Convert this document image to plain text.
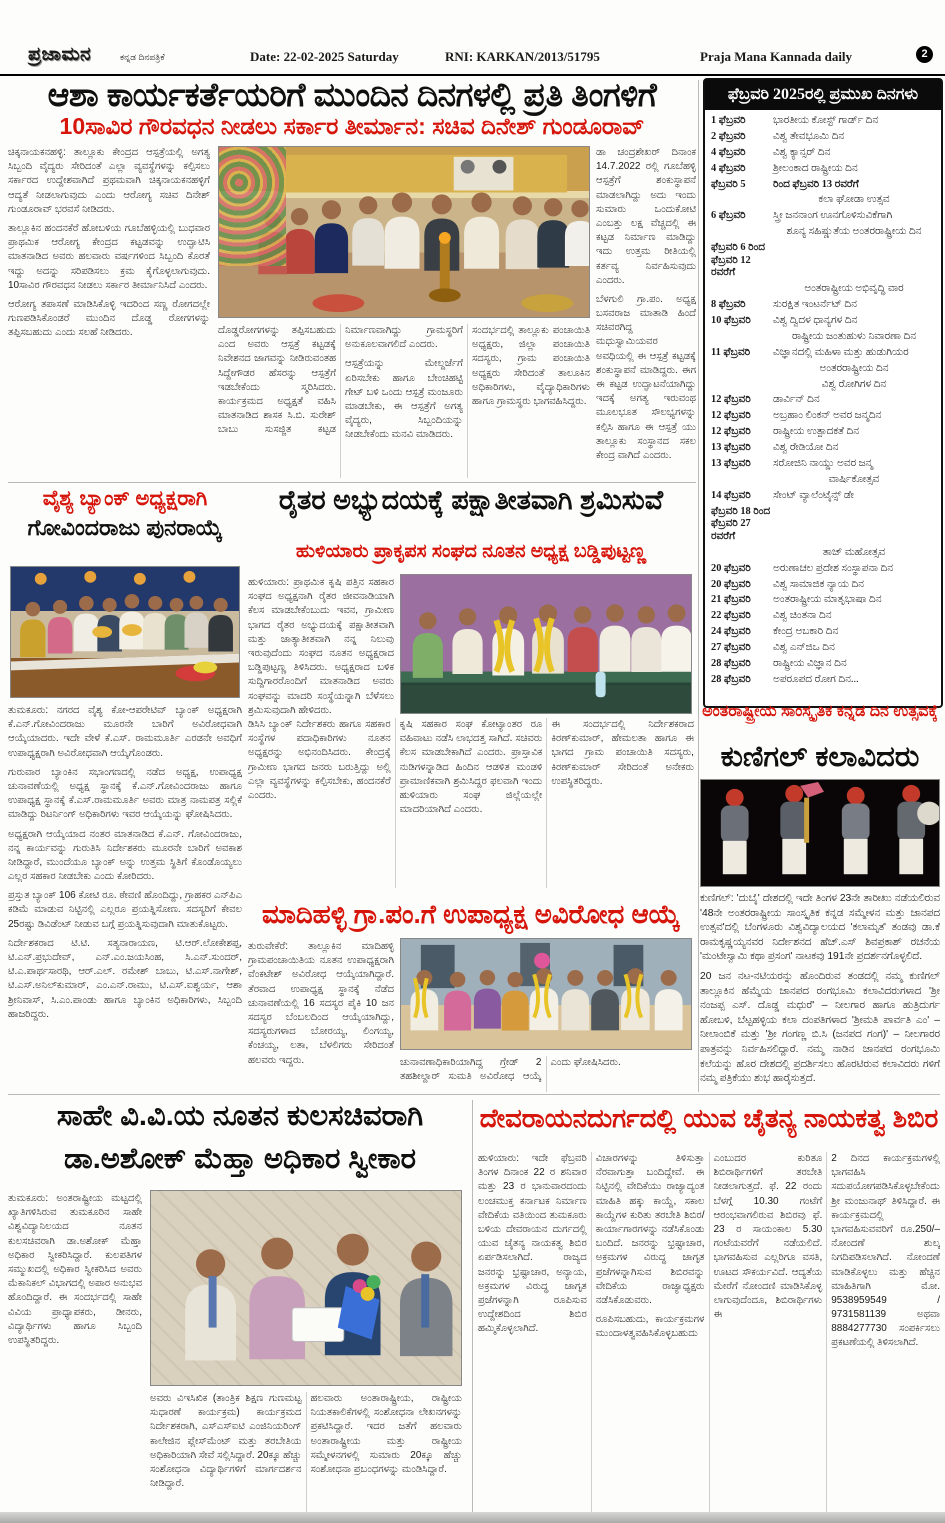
ಪ್ರಜಾಮನ	ಕನ್ನಡ ದಿನಪತ್ರಿಕೆ	Date: 22-02-2025 Saturday	RNI: KARKAN/2013/51795	Praja Mana Kannada daily	2
ಆಶಾ ಕಾರ್ಯಕರ್ತೆಯರಿಗೆ ಮುಂದಿನ ದಿನಗಳಲ್ಲಿ ಪ್ರತಿ ತಿಂಗಳಿಗೆ
10ಸಾವಿರ ಗೌರವಧನ ನೀಡಲು ಸರ್ಕಾರ ತೀರ್ಮಾನ: ಸಚಿವ ದಿನೇಶ್ ಗುಂಡೂರಾವ್

ಚಿಕ್ಕನಾಯಕನಹಳ್ಳಿ: ತಾಲ್ಲೂಕು ಕೇಂದ್ರದ ಆಸ್ಪತ್ರೆಯಲ್ಲಿ ಅಗತ್ಯ ಸಿಬ್ಬಂದಿ ವೈದ್ಯರು ಸೇರಿದಂತೆ ಎಲ್ಲಾ ವ್ಯವಸ್ಥೆಗಳನ್ನು ಕಲ್ಪಿಸಲು ಸರ್ಕಾರದ ಉದ್ದೇಶವಾಗಿದೆ ಪ್ರಥಮವಾಗಿ ಚಿಕ್ಕನಾಯಕನಹಳ್ಳಿಗೆ ಆದ್ಯತೆ ನೀಡಲಾಗುವುದು ಎಂದು ಆರೋಗ್ಯ ಸಚಿವ ದಿನೇಶ್ ಗುಂಡೂರಾವ್ ಭರವಸೆ ನೀಡಿದರು.

ತಾಲ್ಲೂಕಿನ ಹಂದನಕೆರೆ ಹೋಬಳಿಯ ಗೂಬೆಹಳ್ಳಿಯಲ್ಲಿ ಬುಧವಾರ ಪ್ರಾಥಮಿಕ ಆರೋಗ್ಯ ಕೇಂದ್ರದ ಕಟ್ಟಡವನ್ನು ಉದ್ಘಾಟಿಸಿ ಮಾತನಾಡಿದ ಅವರು ಹಲವಾರು ವರ್ಷಗಳಿಂದ ಸಿಬ್ಬಂದಿ ಕೊರತೆ ಇದ್ದು ಅದನ್ನು ಸರಿಪಡಿಸಲು ಕ್ರಮ ಕೈಗೊಳ್ಳಲಾಗುವುದು. 10ಸಾವಿರ ಗೌರವಧನ ನೀಡಲು ಸರ್ಕಾರ ತೀರ್ಮಾನಿಸಿದೆ ಎಂದರು.

ಆರೋಗ್ಯ ತಪಾಸಣೆ ಮಾಡಿಸಿಕೊಳ್ಳಿ ಇದರಿಂದ ಸಣ್ಣ ರೋಗದಲ್ಲೇ ಗುಣಪಡಿಸಿಕೊಂಡರೆ ಮುಂದಿನ ದೊಡ್ಡ ರೋಗಗಳನ್ನು ತಪ್ಪಿಸಬಹುದು ಎಂದು ಸಲಹೆ ನೀಡಿದರು.

ಡಾ ಚಂದ್ರಶೇಖರ್ ದಿನಾಂಕ 14.7.2022 ರಲ್ಲಿ ಗೂಬೆಹಳ್ಳಿ ಆಸ್ಪತ್ರೆಗೆ ಶಂಕುಸ್ಥಾಪನೆ ಮಾಡಲಾಗಿದ್ದು ಅದು ಇಂದು ಸುಮಾರು ಒಂದುಕೋಟಿ ಎಂಬತ್ತು ಲಕ್ಷ ವೆಚ್ಚದಲ್ಲಿ ಈ ಕಟ್ಟಡ ನಿರ್ಮಾಣ ಮಾಡಿದ್ದು ಇದು ಉತ್ತಮ ರೀತಿಯಲ್ಲಿ ಕರ್ತವ್ಯ ನಿರ್ವಹಿಸುವುದು ಎಂದರು.

ಬೆಳಗುಲಿ ಗ್ರಾ.ಪಂ. ಅಧ್ಯಕ್ಷ ಬಸವರಾಜ ಮಾತಾಡಿ ಹಿಂದೆ ಸಚಿವರಗಿದ್ದ ಮಧುಸ್ವಾಮಿಯವರ ಅವಧಿಯಲ್ಲಿ ಈ ಆಸ್ಪತ್ರೆ ಕಟ್ಟಡಕ್ಕೆ ಶಂಕುಸ್ಥಾಪನೆ ಮಾಡಿದ್ದರು. ಈಗ ಈ ಕಟ್ಟಡ ಉದ್ಘಾಟನೆಯಾಗಿದ್ದು ಇದಕ್ಕೆ ಅಗತ್ಯ ಇರುವಂಥ ಮೂಲಭೂತ ಸೌಲಭ್ಯಗಳನ್ನು ಕಲ್ಪಿಸಿ ಹಾಗೂ ಈ ಆಸ್ಪತ್ರೆ ಯು ತಾಲ್ಲೂಕು ಸಂಸ್ಥಾನದ ಸಕಲ ಕೇಂದ್ರ ವಾಗಿದೆ ಎಂದರು.

ದೊಡ್ಡರೋಗಗಳನ್ನು ತಪ್ಪಿಸಬಹುದು ಎಂದ ಅವರು ಆಸ್ಪತ್ರೆ ಕಟ್ಟಡಕ್ಕೆ ನಿವೇಶನದ ಜಾಗವನ್ನು ನೀಡಿರುವಂತಹ ಸಿದ್ದೇಗೌಡರ ಹೆಸರನ್ನು ಆಸ್ಪತ್ರೆಗೆ ಇಡಬೇಕೆಂದು ಸ್ಮರಿಸಿದರು. ಕಾರ್ಯಕ್ರಮದ ಅಧ್ಯಕ್ಷತೆ ವಹಿಸಿ ಮಾತನಾಡಿದ ಶಾಸಕ ಸಿ.ಬಿ. ಸುರೇಶ್ ಬಾಬು ಸುಸಜ್ಜಿತ ಕಟ್ಟಡ ನಿರ್ಮಾಣವಾಗಿದ್ದು ಗ್ರಾಮಸ್ಥರಿಗೆ ಅನುಕೂಲವಾಗಲಿದೆ ಎಂದರು.

ಆಸ್ಪತ್ರೆಯನ್ನು ಮೇಲ್ದರ್ಜೆಗೆ ಏರಿಸಬೇಕು ಹಾಗೂ ಬೇಂಚಿಹಟ್ಟಿ ಗೇಟ್ ಬಳಿ ಒಂದು ಆಸ್ಪತ್ರೆ ಮಂಜೂರು ಮಾಡಬೇಕು, ಈ ಆಸ್ಪತ್ರೆಗೆ ಅಗತ್ಯ ವೈದ್ಯರು, ಸಿಬ್ಬಂದಿಯನ್ನು ನೀಡಬೇಕೆಂದು ಮನವಿ ಮಾಡಿದರು.

ಸಂದರ್ಭದಲ್ಲಿ ತಾಲ್ಲೂಕು ಪಂಚಾಯಿತಿ ಅಧ್ಯಕ್ಷರು, ಜಿಲ್ಲಾ ಪಂಚಾಯಿತಿ ಸದಸ್ಯರು, ಗ್ರಾಮ ಪಂಚಾಯಿತಿ ಅಧ್ಯಕ್ಷರು ಸೇರಿದಂತೆ ತಾಲೂಕಿನ ಅಧಿಕಾರಿಗಳು, ವೈದ್ಯಾಧಿಕಾರಿಗಳು ಹಾಗೂ ಗ್ರಾಮಸ್ಥರು ಭಾಗವಹಿಸಿದ್ದರು.

ಫೆಬ್ರವರಿ 2025ರಲ್ಲಿ ಪ್ರಮುಖ ದಿನಗಳು
1 ಫೆಬ್ರವರಿ	ಭಾರತೀಯ ಕೋಸ್ಟ್ ಗಾರ್ಡ್ ದಿನ
2 ಫೆಬ್ರವರಿ	ವಿಶ್ವ ತೇವಭೂಮಿ ದಿನ
4 ಫೆಬ್ರವರಿ	ವಿಶ್ವ ಕ್ಯಾನ್ಸರ್ ದಿನ
4 ಫೆಬ್ರವರಿ	ಶ್ರೀಲಂಕಾದ ರಾಷ್ಟ್ರೀಯ ದಿನ
ಫೆಬ್ರವರಿ 5	ರಿಂದ ಫೆಬ್ರವರಿ 13 ರವರೆಗೆ
ಕಲಾ ಘೋಡಾ ಉತ್ಸವ
6 ಫೆಬ್ರವರಿ	ಸ್ತ್ರೀ ಜನನಾಂಗ ಊನಗೊಳಿಸುವಿಕೆಗಾಗಿ
ಶೂನ್ಯ ಸಹಿಷ್ಣುತೆಯ ಅಂತರರಾಷ್ಟ್ರೀಯ ದಿನ
ಫೆಬ್ರವರಿ 6 ರಿಂದ ಫೆಬ್ರವರಿ 12 ರವರೆಗೆ
ಅಂತರಾಷ್ಟ್ರೀಯ ಅಭಿವೃದ್ಧಿ ವಾರ
8 ಫೆಬ್ರವರಿ	ಸುರಕ್ಷಿತ ಇಂಟರ್ನೆಟ್ ದಿನ
10 ಫೆಬ್ರವರಿ	ವಿಶ್ವ ದ್ವಿದಳ ಧಾನ್ಯಗಳ ದಿನ
ರಾಷ್ಟ್ರೀಯ ಜಂತುಹುಳು ನಿವಾರಣಾ ದಿನ
11 ಫೆಬ್ರವರಿ	ವಿಜ್ಞಾನದಲ್ಲಿ ಮಹಿಳಾ ಮತ್ತು ಹುಡುಗಿಯರ
ಅಂತರರಾಷ್ಟ್ರೀಯ ದಿನ
ವಿಶ್ವ ರೋಗಿಗಳ ದಿನ
12 ಫೆಬ್ರವರಿ	ಡಾರ್ವಿನ್ ದಿನ
12 ಫೆಬ್ರವರಿ	ಅಬ್ರಹಾಂ ಲಿಂಕನ್ ಅವರ ಜನ್ಮದಿನ
12 ಫೆಬ್ರವರಿ	ರಾಷ್ಟ್ರೀಯ ಉತ್ಪಾದಕತೆ ದಿನ
13 ಫೆಬ್ರವರಿ	ವಿಶ್ವ ರೇಡಿಯೋ ದಿನ
13 ಫೆಬ್ರವರಿ	ಸರೋಜಿನಿ ನಾಯ್ಡು ಅವರ ಜನ್ಮ
ವಾರ್ಷಿಕೋತ್ಸವ
14 ಫೆಬ್ರವರಿ	ಸೇಂಟ್ ವ್ಯಾಲೆಂಟೈನ್ಸ್ ಡೇ
ಫೆಬ್ರವರಿ 18 ರಿಂದ ಫೆಬ್ರವರಿ 27 ರವರೆಗೆ
ತಾಜ್ ಮಹೋತ್ಸವ
20 ಫೆಬ್ರವರಿ	ಅರುಣಾಚಲ ಪ್ರದೇಶ ಸಂಸ್ಥಾಪನಾ ದಿನ
20 ಫೆಬ್ರವರಿ	ವಿಶ್ವ ಸಾಮಾಜಿಕ ನ್ಯಾಯ ದಿನ
21 ಫೆಬ್ರವರಿ	ಅಂತರಾಷ್ಟ್ರೀಯ ಮಾತೃಭಾಷಾ ದಿನ
22 ಫೆಬ್ರವರಿ	ವಿಶ್ವ ಚಿಂತನಾ ದಿನ
24 ಫೆಬ್ರವರಿ	ಕೇಂದ್ರ ಅಬಕಾರಿ ದಿನ
27 ಫೆಬ್ರವರಿ	ವಿಶ್ವ ಎನ್‌ಜಿಒ ದಿನ
28 ಫೆಬ್ರವರಿ	ರಾಷ್ಟ್ರೀಯ ವಿಜ್ಞಾನ ದಿನ
28 ಫೆಬ್ರವರಿ	ಅಪರೂಪದ ರೋಗ ದಿನ...
ವೈಶ್ಯ ಬ್ಯಾಂಕ್ ಅಧ್ಯಕ್ಷರಾಗಿ
ಗೋವಿಂದರಾಜು ಪುನರಾಯ್ಕೆ

ತುಮಕೂರು: ನಗರದ ವೈಶ್ಯ ಕೋ-ಆಪರೇಟಿವ್ ಬ್ಯಾಂಕ್ ಅಧ್ಯಕ್ಷರಾಗಿ ಕೆ.ಎನ್.ಗೋವಿಂದರಾಜು ಮೂರನೇ ಬಾರಿಗೆ ಅವಿರೋಧವಾಗಿ ಆಯ್ಕೆಯಾದರು. ಇದೇ ವೇಳೆ ಕೆ.ಎಸ್. ರಾಮಮೂರ್ತಿ ಎರಡನೇ ಅವಧಿಗೆ ಉಪಾಧ್ಯಕ್ಷರಾಗಿ ಅವಿರೋಧವಾಗಿ ಆಯ್ಕೆಗೊಂಡರು.

ಗುರುವಾರ ಬ್ಯಾಂಕಿನ ಸಭಾಂಗಣದಲ್ಲಿ ನಡೆದ ಅಧ್ಯಕ್ಷ, ಉಪಾಧ್ಯಕ್ಷ ಚುನಾವಣೆಯಲ್ಲಿ ಅಧ್ಯಕ್ಷ ಸ್ಥಾನಕ್ಕೆ ಕೆ.ಎನ್.ಗೋವಿಂದರಾಜು ಹಾಗೂ ಉಪಾಧ್ಯಕ್ಷ ಸ್ಥಾನಕ್ಕೆ ಕೆ.ಎಸ್.ರಾಮಮೂರ್ತಿ ಅವರು ಮಾತ್ರ ನಾಮಪತ್ರ ಸಲ್ಲಿಕೆ ಮಾಡಿದ್ದು ರಿಟರ್ನಿಂಗ್ ಅಧಿಕಾರಿಗಳು ಇವರ ಆಯ್ಕೆಯನ್ನು ಘೋಷಿಸಿದರು.

ಅಧ್ಯಕ್ಷರಾಗಿ ಆಯ್ಕೆಯಾದ ನಂತರ ಮಾತನಾಡಿದ ಕೆ.ಎನ್. ಗೋವಿಂದರಾಜು, ನನ್ನ ಕಾರ್ಯವನ್ನು ಗುರುತಿಸಿ ನಿರ್ದೇಶಕರು ಮೂರನೇ ಬಾರಿಗೆ ಅವಕಾಶ ನೀಡಿದ್ದಾರೆ, ಮುಂದೆಯೂ ಬ್ಯಾಂಕ್ ಅನ್ನು ಉತ್ತಮ ಸ್ಥಿತಿಗೆ ಕೊಂಡೊಯ್ಯಲು ಎಲ್ಲರ ಸಹಕಾರ ನೀಡಬೇಕು ಎಂದು ಕೋರಿದರು.

ಪ್ರಸ್ತುತ ಬ್ಯಾಂಕ್ 106 ಕೋಟಿ ರೂ. ಠೇವಣಿ ಹೊಂದಿದ್ದು, ಗ್ರಾಹಕರ ಎನ್‌ಪಿಎ ಕಡಿಮೆ ಮಾಡುವ ನಿಟ್ಟಿನಲ್ಲಿ ಎಲ್ಲರೂ ಪ್ರಯತ್ನಿಸೋಣ. ಸದಸ್ಯರಿಗೆ ಕೇವಲ 25ರಷ್ಟು ಡಿವಿಡೆಂಟ್ ನೀಡುವ ಬಗ್ಗೆ ಪ್ರಯತ್ನಿಸುವುದಾಗಿ ಮಾತುಕೊಟ್ಟರು.

ನಿರ್ದೇಶಕರಾದ ಟಿ.ಟಿ. ಸತ್ಯನಾರಾಯಣ, ಟಿ.ಆರ್.ಲೋಕೇಶಪ್ಪ, ಟಿ.ಎನ್.ಪ್ರಭುದೇವ್, ಎನ್.ಎಂ.ಜಯಸಿಂಹ, ಸಿ.ಎನ್.ಸುಂದರ್, ಟಿ.ಎ.ಪಾರ್ಥಸಾರಥಿ, ಆರ್.ಎಲ್. ರಮೇಶ್ ಬಾಬು, ಟಿ.ಎಸ್.ನಾಗೇಶ್, ಟಿ.ಎಸ್.ಅನಿಲ್‌ಕುಮಾರ್, ಎಂ.ಎನ್.ರಾಮು, ಟಿ.ಎಸ್.ಐಶ್ವರ್ಯ, ಆಶಾ ಶ್ರೀನಿವಾಸ್, ಸಿ.ಎಂ.ಪಾಂಡು ಹಾಗೂ ಬ್ಯಾಂಕಿನ ಅಧಿಕಾರಿಗಳು, ಸಿಬ್ಬಂದಿ ಹಾಜರಿದ್ದರು.

ರೈತರ ಅಭ್ಯುದಯಕ್ಕೆ ಪಕ್ಷಾತೀತವಾಗಿ ಶ್ರಮಿಸುವೆ
ಹುಳಿಯಾರು ಪ್ರಾಕೃಪಸ ಸಂಘದ ನೂತನ ಅಧ್ಯಕ್ಷ ಬಡ್ಡಿಪುಟ್ಟಣ್ಣ

ಹುಳಿಯಾರು: ಪ್ರಾಥಮಿಕ ಕೃಷಿ ಪತ್ತಿನ ಸಹಕಾರ ಸಂಘದ ಅಧ್ಯಕ್ಷನಾಗಿ ರೈತರ ಜೀವನಾಡಿಯಾಗಿ ಕೆಲಸ ಮಾಡಬೇಕೆಂಬುದು ಇವನ, ಗ್ರಾಮೀಣ ಭಾಗದ ರೈತರ ಅಭ್ಯುದಯಕ್ಕೆ ಪಕ್ಷಾತೀತವಾಗಿ ಮತ್ತು ಜಾತ್ಯಾತೀತವಾಗಿ ನನ್ನ ನಿಲುವು ಇರುವುದೆಂದು ಸಂಘದ ನೂತನ ಅಧ್ಯಕ್ಷರಾದ ಬಡ್ಡಿಪುಟ್ಟಣ್ಣ ತಿಳಿಸಿದರು. ಅಧ್ಯಕ್ಷರಾದ ಬಳಿಕ ಸುದ್ದಿಗಾರರೊಂದಿಗೆ ಮಾತನಾಡಿದ ಅವರು ಸಂಘವನ್ನು ಮಾದರಿ ಸಂಸ್ಥೆಯನ್ನಾಗಿ ಬೆಳೆಸಲು ಶ್ರಮಿಸುವುದಾಗಿ ಹೇಳಿದರು.

ಡಿಸಿಸಿ ಬ್ಯಾಂಕ್ ನಿರ್ದೇಶಕರು ಹಾಗೂ ಸಹಕಾರ ಸಂಸ್ಥೆಗಳ ಪದಾಧಿಕಾರಿಗಳು ನೂತನ ಅಧ್ಯಕ್ಷರನ್ನು ಅಭಿನಂದಿಸಿದರು. ಕೇಂದ್ರಕ್ಕೆ ಗ್ರಾಮೀಣ ಭಾಗದ ಜನರು ಬರುತ್ತಿದ್ದು ಅಲ್ಲಿ ಎಲ್ಲಾ ವ್ಯವಸ್ಥೆಗಳನ್ನು ಕಲ್ಪಿಸಬೇಕು, ಹಂದನಕೆರೆ ಎಂದರು.

ಕೃಷಿ ಸಹಕಾರ ಸಂಘ ಕೋಟ್ಯಾಂತರ ರೂ ವಹಿವಾಟು ನಡೆಸಿ ಲಾಭದತ್ತ ಸಾಗಿದೆ. ಸಚಿವರು ಕೆಲಸ ಮಾಡಬೇಕಾಗಿದೆ ಎಂದರು. ಪ್ರಾಸ್ತಾವಿಕ ನುಡಿಗಳನ್ನಾಡಿದ ಹಿಂದಿನ ಆಡಳಿತ ಮಂಡಳಿ ಪ್ರಾಮಾಣಿಕವಾಗಿ ಶ್ರಮಿಸಿದ್ದರ ಫಲವಾಗಿ ಇಂದು ಹುಳಿಯಾರು ಸಂಘ ಜಿಲ್ಲೆಯಲ್ಲೇ ಮಾದರಿಯಾಗಿದೆ ಎಂದರು.

ಈ ಸಂದರ್ಭದಲ್ಲಿ ನಿರ್ದೇಶಕರಾದ ಕಿರಣ್‌ಕುಮಾರ್, ಹೇಮಲತಾ ಹಾಗೂ ಈ ಭಾಗದ ಗ್ರಾಮ ಪಂಚಾಯಿತಿ ಸದಸ್ಯರು, ಕಿರಣ್‌ಕುಮಾರ್ ಸೇರಿದಂತೆ ಅನೇಕರು ಉಪಸ್ಥಿತರಿದ್ದರು.

ಮಾದಿಹಳ್ಳಿ ಗ್ರಾ.ಪಂ.ಗೆ ಉಪಾಧ್ಯಕ್ಷ ಅವಿರೋಧ ಆಯ್ಕೆ

ತುರುವೇಕೆರೆ: ತಾಲ್ಲೂಕಿನ ಮಾದಿಹಳ್ಳಿ ಗ್ರಾಮಪಂಚಾಯಿತಿಯ ನೂತನ ಉಪಾಧ್ಯಕ್ಷರಾಗಿ ವೆಂಕಟೇಶ್ ಅವಿರೋಧ ಆಯ್ಕೆಯಾಗಿದ್ದಾರೆ. ತೆರವಾದ ಉಪಾಧ್ಯಕ್ಷ ಸ್ಥಾನಕ್ಕೆ ನೆಡೆದ ಚುನಾವಣೆಯಲ್ಲಿ 16 ಸದಸ್ಯರ ಪೈಕಿ 10 ಜನ ಸದಸ್ಯರ ಬೆಂಬಲದಿಂದ ಆಯ್ಕೆಯಾಗಿದ್ದು, ಸದಸ್ಯರುಗಳಾದ ಬೋರಯ್ಯ, ಲಿಂಗಯ್ಯ, ಕೆಂಚಯ್ಯ, ಲತಾ, ಬೆಳಲಿಗರು ಸೇರಿದಂತೆ ಹಲವರು ಇದ್ದರು.	ಚುನಾವಣಾಧಿಕಾರಿಯಾಗಿದ್ದ ಗ್ರೇಡ್ 2 ತಹಶೀಲ್ದಾರ್ ಸುಮತಿ ಅವಿರೋಧ ಆಯ್ಕೆ ಎಂದು ಘೋಷಿಸಿದರು.

ಅಂತರಾಷ್ಟ್ರೀಯ ಸಾಂಸ್ಕೃತಿಕ ಕನ್ನಡ ದಿನ ಉತ್ಸವಕ್ಕೆ
ಕುಣಿಗಲ್ ಕಲಾವಿದರು

ಕುಣಿಗಲ್: 'ದುಬೈ' ದೇಶದಲ್ಲಿ ಇದೇ ತಿಂಗಳ 23ನೇ ತಾರೀಖು ನಡೆಯಲಿರುವ '48ನೇ ಅಂತರರಾಷ್ಟ್ರೀಯ ಸಾಂಸ್ಕೃತಿಕ ಕನ್ನಡ ಸಮ್ಮೇಳನ ಮತ್ತು ಜಾನಪದ ಉತ್ಸವ'ದಲ್ಲಿ ಬೆಂಗಳೂರು ವಿಶ್ವವಿದ್ಯಾಲಯದ 'ಕಲಾಮೃತ' ತಂಡವು ಡಾ.ಕೆ ರಾಮಕೃಷ್ಣಯ್ಯನವರ ನಿರ್ದೇಶನದ ಹೆಚ್.ಎಸ್ ಶಿವಪ್ರಕಾಶ್ ರಚನೆಯ 'ಮಂಟೇಸ್ವಾಮಿ ಕಥಾ ಪ್ರಸಂಗ' ನಾಟಕವು 191ನೇ ಪ್ರದರ್ಶನಗೊಳ್ಳಲಿದೆ.

20 ಜನ ನಟ-ನಟಿಯರನ್ನು ಹೊಂದಿರುವ ತಂಡದಲ್ಲಿ ನಮ್ಮ ಕುಣಿಗಲ್ ತಾಲ್ಲೂಕಿನ ಹೆಮ್ಮೆಯ ಜಾನಪದ ರಂಗಭೂಮಿ ಕಲಾವಿದರುಗಳಾದ 'ಶ್ರೀ ನಂಜಪ್ಪ ಎಸ್. ದೊಡ್ಡ ಮಧುರೆ' – ನೀಲಗಾರ ಹಾಗೂ ಹುತ್ರಿದುರ್ಗ ಹೋಬಳಿ, ಬೆಟ್ಟಹಳ್ಳಿಯ ಕಲಾ ದಂಪತಿಗಳಾದ 'ಶ್ರೀಮತಿ ಪಾರ್ವತಿ ಎಂ' – ನೀಲಾಂಬಿಕೆ ಮತ್ತು 'ಶ್ರೀ ಗಂಗಣ್ಣ ಬಿ.ಸಿ (ಜನಪದ ಗಂಗ)' – ನೀಲಗಾರರ ಪಾತ್ರವನ್ನು ನಿರ್ವಹಿಸಲಿದ್ದಾರೆ. ನಮ್ಮ ನಾಡಿನ ಜಾನಪದ ರಂಗಭೂಮಿ ಕಲೆಯನ್ನು ಹೊರ ದೇಶದಲ್ಲಿ ಪ್ರದರ್ಶಿಸಲು ಹೊರಟಿರುವ ಕಲಾವಿದರು ಗಳಿಗೆ ನಮ್ಮ ಪತ್ರಿಕೆಯು ಶುಭ ಹಾರೈಸುತ್ತದೆ.

ಸಾಹೇ ವಿ.ವಿ.ಯ ನೂತನ ಕುಲಸಚಿವರಾಗಿ
ಡಾ.ಅಶೋಕ್ ಮೆಹ್ತಾ ಅಧಿಕಾರ ಸ್ವೀಕಾರ

ತುಮಕೂರು: ಅಂತರಾಷ್ಟ್ರೀಯ ಮಟ್ಟದಲ್ಲಿ ಖ್ಯಾತಿಗಳಿಸಿರುವ ತುಮಕೂರಿನ ಸಾಹೇ ವಿಶ್ವವಿದ್ಯಾನಿಲಯದ ನೂತನ ಕುಲಸಚಿವರಾಗಿ ಡಾ.ಅಶೋಕ್ ಮೆಹ್ತಾ ಅಧಿಕಾರ ಸ್ವೀಕರಿಸಿದ್ದಾರೆ. ಕುಲಪತಿಗಳ ಸಮ್ಮುಖದಲ್ಲಿ ಅಧಿಕಾರ ಸ್ವೀಕರಿಸಿದ ಅವರು ಮೆಕಾನಿಕಲ್ ವಿಭಾಗದಲ್ಲಿ ಅಪಾರ ಅನುಭವ ಹೊಂದಿದ್ದಾರೆ. ಈ ಸಂದರ್ಭದಲ್ಲಿ ಸಾಹೇ ವಿವಿಯ ಪ್ರಾಧ್ಯಾಪಕರು, ಡೀನರು, ವಿದ್ಯಾರ್ಥಿಗಳು ಹಾಗೂ ಸಿಬ್ಬಂದಿ ಉಪಸ್ಥಿತರಿದ್ದರು.

ಅವರು ವಿಇಸಿಖಿಕ (ತಾಂತ್ರಿಕ ಶಿಕ್ಷಣ ಗುಣಮಟ್ಟ ಸುಧಾರಣೆ ಕಾರ್ಯಕ್ರಮ) ಕಾರ್ಯಕ್ರಮದ ನಿರ್ದೇಶಕರಾಗಿ, ಎಸ್‌ಎಸ್‌ಐಟಿ ಎಂಜಿನಿಯರಿಂಗ್ ಕಾಲೇಜಿನ ಪ್ಲೇಸ್‌ಮೆಂಟ್ ಮತ್ತು ತರಬೇತಿಯ ಅಧಿಕಾರಿಯಾಗಿ ಸೇವೆ ಸಲ್ಲಿಸಿದ್ದಾರೆ. 20ಕ್ಕೂ ಹೆಚ್ಚು ಸಂಶೋಧನಾ ವಿದ್ಯಾರ್ಥಿಗಳಿಗೆ ಮಾರ್ಗದರ್ಶನ ನೀಡಿದ್ದಾರೆ.

ಹಲವಾರು ಅಂತಾರಾಷ್ಟ್ರೀಯ, ರಾಷ್ಟ್ರೀಯ ನಿಯತಕಾಲಿಕೆಗಳಲ್ಲಿ ಸಂಶೋಧನಾ ಲೇಖನಗಳನ್ನು ಪ್ರಕಟಿಸಿದ್ದಾರೆ. ಇದರ ಜತೆಗೆ ಹಲವಾರು ಅಂತಾರಾಷ್ಟ್ರೀಯ ಮತ್ತು ರಾಷ್ಟ್ರೀಯ ಸಮ್ಮೇಳನಗಳಲ್ಲಿ ಸುಮಾರು 20ಕ್ಕೂ ಹೆಚ್ಚು ಸಂಶೋಧನಾ ಪ್ರಬಂಧಗಳನ್ನು ಮಂಡಿಸಿದ್ದಾರೆ.

ದೇವರಾಯನದುರ್ಗದಲ್ಲಿ ಯುವ ಚೈತನ್ಯ ನಾಯಕತ್ವ ಶಿಬಿರ

ಹುಳಿಯಾರು: ಇದೇ ಫೆಬ್ರವರಿ ತಿಂಗಳ ದಿನಾಂಕ 22 ರ ಶನಿವಾರ ಮತ್ತು 23 ರ ಭಾನುವಾರದಂದು ಲಂಚಮುಕ್ತ ಕರ್ನಾಟಕ ನಿರ್ಮಾಣ ವೇದಿಕೆಯ ವತಿಯಿಂದ ತುಮಕೂರು ಬಳಿಯ ದೇವರಾಯನ ದುರ್ಗದಲ್ಲಿ ಯುವ ಚೈತನ್ಯ ನಾಯಕತ್ವ ಶಿಬಿರ ಏರ್ಪಡಿಸಲಾಗಿದೆ. ರಾಜ್ಯದ ಜನರನ್ನು ಭ್ರಷ್ಟಾಚಾರ, ಅನ್ಯಾಯ, ಅಕ್ರಮಗಳ ವಿರುದ್ಧ ಜಾಗೃತ ಪ್ರಜೆಗಳನ್ನಾಗಿ ರೂಪಿಸುವ ಉದ್ದೇಶದಿಂದ ಶಿಬಿರ ಹಮ್ಮಿಕೊಳ್ಳಲಾಗಿದೆ.

ವಿಚಾರಗಳನ್ನು ತಿಳಿಸುತ್ತಾ ನೆರವಾಗುತ್ತಾ ಬಂದಿದ್ದೇವೆ. ಈ ನಿಟ್ಟಿನಲ್ಲಿ ವೇದಿಕೆಯು ರಾಜ್ಯಾದ್ಯಂತ ಮಾಹಿತಿ ಹಕ್ಕು ಕಾಯ್ದೆ, ಸಕಾಲ ಕಾಯ್ದೆಗಳ ಕುರಿತು ತರಬೇತಿ ಶಿಬಿರ/ ಕಾರ್ಯಾಗಾರಗಳನ್ನು ನಡೆಸಿಕೊಂಡು ಬಂದಿದೆ. ಜನರನ್ನು ಭ್ರಷ್ಟಾಚಾರ, ಅಕ್ರಮಗಳ ವಿರುದ್ಧ ಜಾಗೃತ ಪ್ರಜೆಗಳನ್ನಾಗಿಸುವ ಶಿಬಿರವನ್ನು ವೇದಿಕೆಯ ರಾಜ್ಯಾಧ್ಯಕ್ಷರು ನಡೆಸಿಕೊಡುವರು.

ರೂಪಿಸಬಹುದು, ಕಾರ್ಯಕ್ರಮಗಳ ಮುಂದಾಳತ್ವವಹಿಸಿಕೊಳ್ಳಬಹುದು ಎಂಬುದರ ಕುರಿತೂ ಶಿಬಿರಾರ್ಥಿಗಳಿಗೆ ತರಬೇತಿ ನೀಡಲಾಗುತ್ತದೆ. ಫೆ. 22 ರಂದು ಬೆಳಗ್ಗೆ 10.30 ಗಂಟೆಗೆ ಆರಂಭವಾಗಲಿರುವ ಶಿಬಿರವು ಫೆ. 23 ರ ಸಾಯಂಕಾಲ 5.30 ಗಂಟೆಯವರೆಗೆ ನಡೆಯಲಿದೆ. ಭಾಗವಹಿಸುವ ಎಲ್ಲರಿಗೂ ವಸತಿ, ಊಟದ ಸೌಕರ್ಯವಿದೆ. ಆದ್ಯತೆಯ ಮೇರೆಗೆ ನೋಂದಣಿ ಮಾಡಿಸಿಕೊಳ್ಳ ಲಾಗುವುದೆಂದೂ, ಶಿಬಿರಾರ್ಥಿಗಳು ಈ

2 ದಿನದ ಕಾರ್ಯಕ್ರಮಗಳಲ್ಲಿ ಭಾಗವಹಿಸಿ ಸದುಪಯೋಗಪಡಿಸಿಕೊಳ್ಳಬೇಕೆಂದು ಶ್ರೀ ಮಂಜುನಾಥ್ ತಿಳಿಸಿದ್ದಾರೆ. ಈ ಕಾರ್ಯಕ್ರಮದಲ್ಲಿ ಭಾಗವಹಿಸುವವರಿಗೆ ರೂ.250/– ನೋಂದಣೆ ಶುಲ್ಕ ನಿಗದಿಪಡಿಸಲಾಗಿದೆ. ನೋಂದಣೆ ಮಾಡಿಕೊಳ್ಳಲು ಮತ್ತು ಹೆಚ್ಚಿನ ಮಾಹಿತಿಗಾಗಿ ಮೋ. 9538959549 / 9731581139 ಅಥವಾ 8884277730 ಸಂಪರ್ಕಿಸಲು ಪ್ರಕಟಣೆಯಲ್ಲಿ ತಿಳಿಸಲಾಗಿದೆ.
